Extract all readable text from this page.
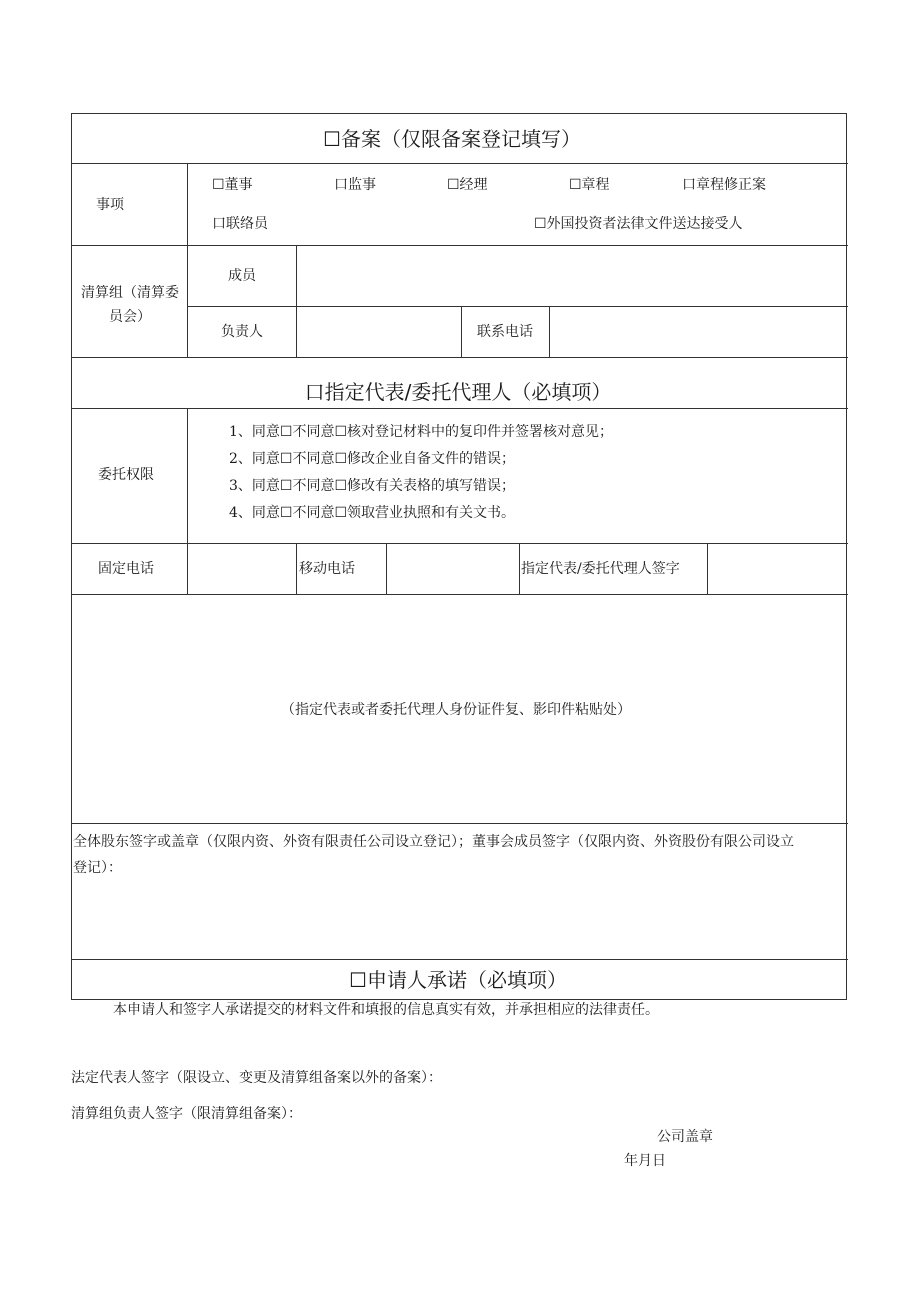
☐备案（仅限备案登记填写）
事项
☐董事	口监事	☐经理	☐章程	口章程修正案
口联络员	☐外国投资者法律文件送达接受人
清算组（清算委员会）
成员
负责人	联系电话
口指定代表/委托代理人（必填项）
委托权限
1、同意☐不同意☐核对登记材料中的复印件并签署核对意见；
2、同意☐不同意☐修改企业自备文件的错误；
3、同意☐不同意☐修改有关表格的填写错误；
4、同意☐不同意☐领取营业执照和有关文书。
固定电话	移动电话	指定代表/委托代理人签字
（指定代表或者委托代理人身份证件复、影印件粘贴处）
全体股东签字或盖章（仅限内资、外资有限责任公司设立登记）；董事会成员签字（仅限内资、外资股份有限公司设立
登记）：
☐申请人承诺（必填项）
本申请人和签字人承诺提交的材料文件和填报的信息真实有效，并承担相应的法律责任。
法定代表人签字（限设立、变更及清算组备案以外的备案）：
清算组负责人签字（限清算组备案）：
公司盖章
年月日
